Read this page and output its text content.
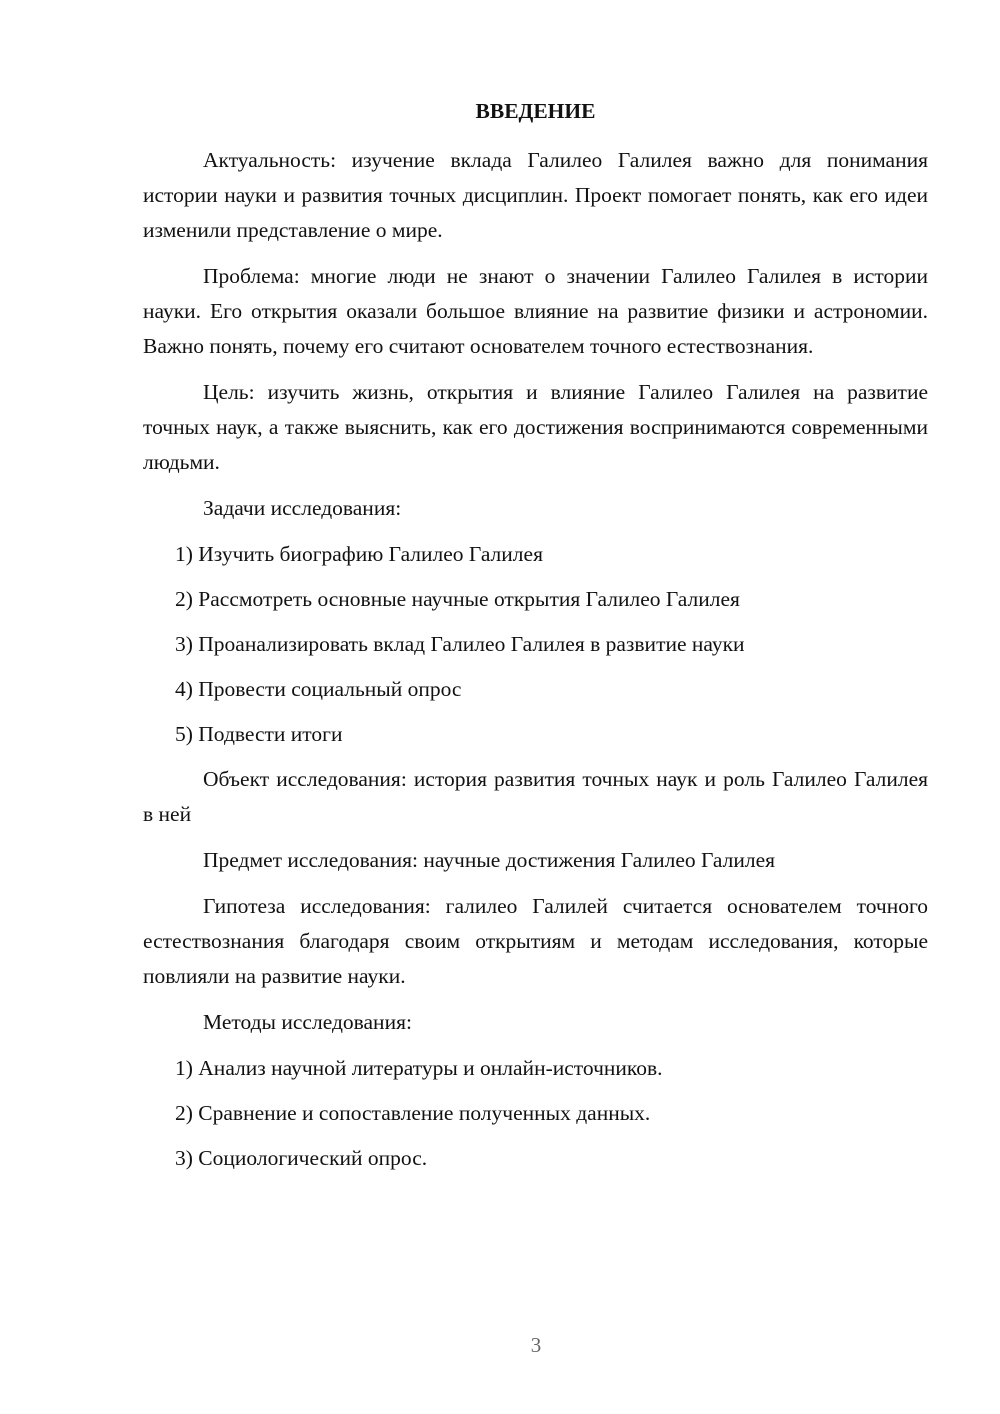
ВВЕДЕНИЕ

Актуальность: изучение вклада Галилео Галилея важно для понимания истории науки и развития точных дисциплин. Проект помогает понять, как его идеи изменили представление о мире.

Проблема: многие люди не знают о значении Галилео Галилея в истории науки. Его открытия оказали большое влияние на развитие физики и астрономии. Важно понять, почему его считают основателем точного естествознания.

Цель: изучить жизнь, открытия и влияние Галилео Галилея на развитие точных наук, а также выяснить, как его достижения воспринимаются современными людьми.

Задачи исследования:

1) Изучить биографию Галилео Галилея

2) Рассмотреть основные научные открытия Галилео Галилея

3) Проанализировать вклад Галилео Галилея в развитие науки

4) Провести социальный опрос

5) Подвести итоги

Объект исследования: история развития точных наук и роль Галилео Галилея в ней

Предмет исследования: научные достижения Галилео Галилея

Гипотеза исследования: галилео Галилей считается основателем точного естествознания благодаря своим открытиям и методам исследования, которые повлияли на развитие науки.

Методы исследования:

1) Анализ научной литературы и онлайн-источников.

2) Сравнение и сопоставление полученных данных.

3) Социологический опрос.

3
